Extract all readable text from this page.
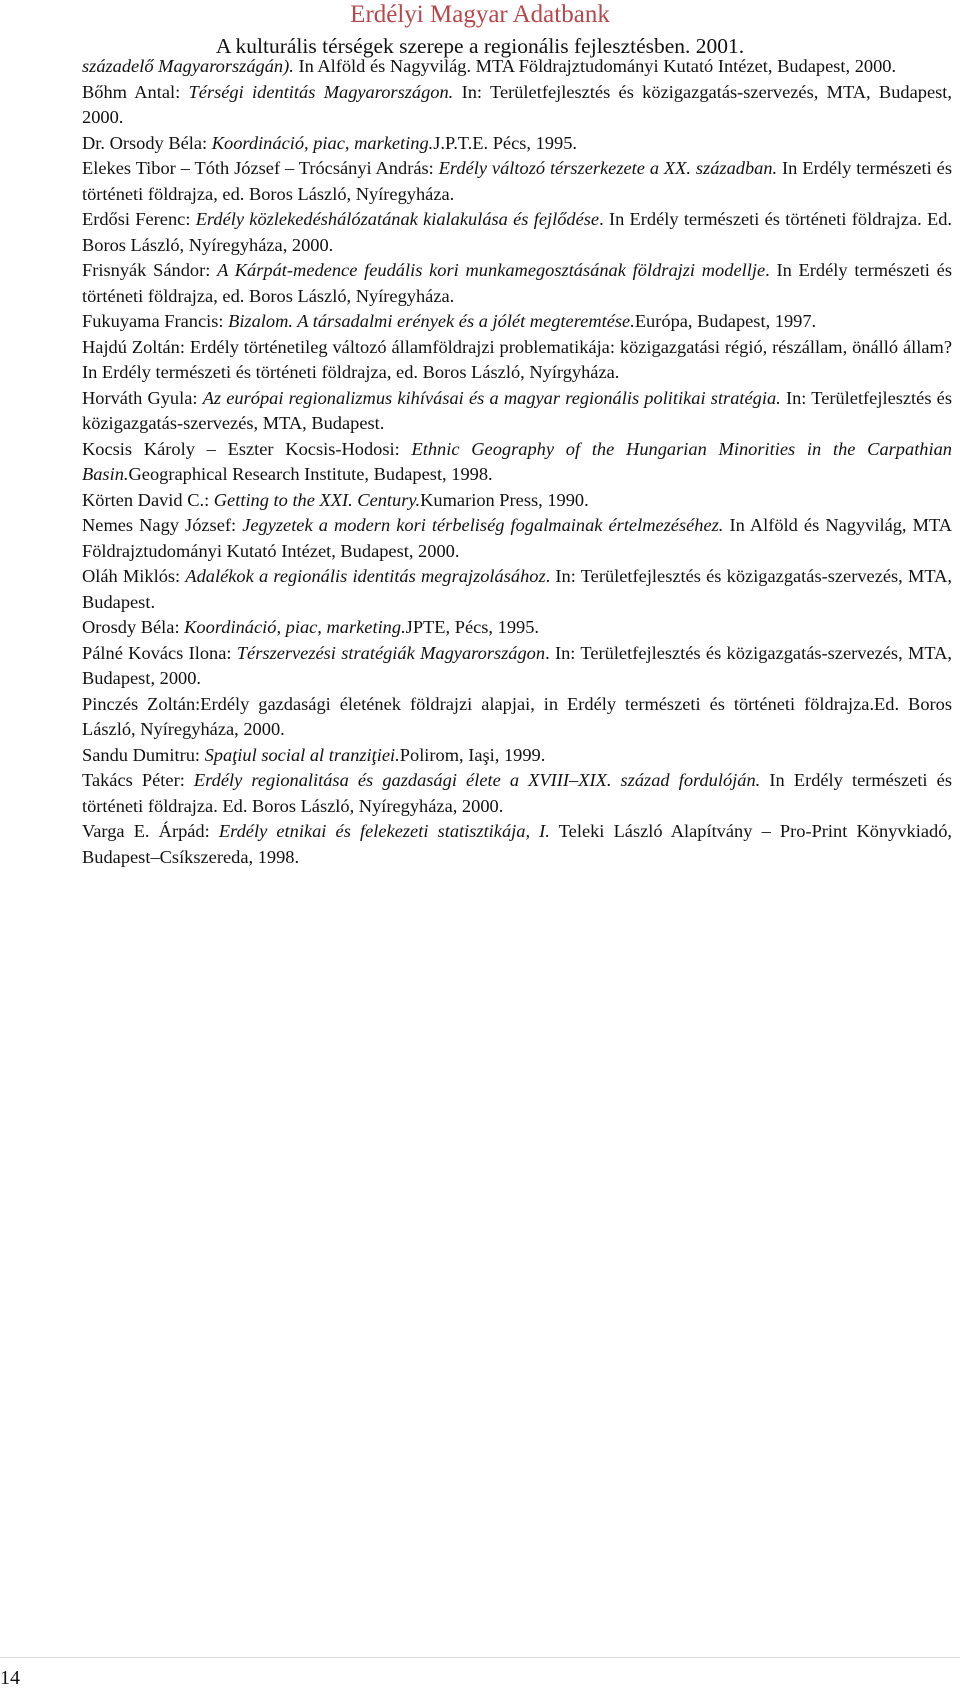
Erdélyi Magyar Adatbank
A kulturális térségek szerepe a regionális fejlesztésben. 2001.

századelő Magyarországán). In Alföld és Nagyvilág. MTA Földrajztudományi Kutató Intézet, Budapest, 2000.

Bőhm Antal: Térségi identitás Magyarországon. In: Területfejlesztés és közigazgatás-szervezés, MTA, Budapest, 2000.

Dr. Orsody Béla: Koordináció, piac, marketing.J.P.T.E. Pécs, 1995.

Elekes Tibor – Tóth József – Trócsányi András: Erdély változó térszerkezete a XX. században. In Erdély természeti és történeti földrajza, ed. Boros László, Nyíregyháza.

Erdősi Ferenc: Erdély közlekedéshálózatának kialakulása és fejlődése. In Erdély természeti és történeti földrajza. Ed. Boros László, Nyíregyháza, 2000.

Frisnyák Sándor: A Kárpát-medence feudális kori munkamegosztásának földrajzi modellje. In Erdély természeti és történeti földrajza, ed. Boros László, Nyíregyháza.

Fukuyama Francis: Bizalom. A társadalmi erények és a jólét megteremtése.Európa, Budapest, 1997.

Hajdú Zoltán: Erdély történetileg változó államföldrajzi problematikája: közigazgatási régió, részállam, önálló állam?In Erdély természeti és történeti földrajza, ed. Boros László, Nyírgyháza.

Horváth Gyula: Az európai regionalizmus kihívásai és a magyar regionális politikai stratégia. In: Területfejlesztés és közigazgatás-szervezés, MTA, Budapest.

Kocsis Károly – Eszter Kocsis-Hodosi: Ethnic Geography of the Hungarian Minorities in the Carpathian Basin.Geographical Research Institute, Budapest, 1998.

Körten David C.: Getting to the XXI. Century.Kumarion Press, 1990.

Nemes Nagy József: Jegyzetek a modern kori térbeliség fogalmainak értelmezéséhez. In Alföld és Nagyvilág, MTA Földrajztudományi Kutató Intézet, Budapest, 2000.

Oláh Miklós: Adalékok a regionális identitás megrajzolásához. In: Területfejlesztés és közigazgatás-szervezés, MTA, Budapest.

Orosdy Béla: Koordináció, piac, marketing.JPTE, Pécs, 1995.

Pálné Kovács Ilona: Térszervezési stratégiák Magyarországon. In: Területfejlesztés és közigazgatás-szervezés, MTA, Budapest, 2000.

Pinczés Zoltán:Erdély gazdasági életének földrajzi alapjai, in Erdély természeti és történeti földrajza.Ed. Boros László, Nyíregyháza, 2000.

Sandu Dumitru: Spaţiul social al tranziţiei.Polirom, Iaşi, 1999.

Takács Péter: Erdély regionalitása és gazdasági élete a XVIII–XIX. század fordulóján. In Erdély természeti és történeti földrajza. Ed. Boros László, Nyíregyháza, 2000.

Varga E. Árpád: Erdély etnikai és felekezeti statisztikája, I. Teleki László Alapítvány – Pro-Print Könyvkiadó, Budapest–Csíkszereda, 1998.

14
